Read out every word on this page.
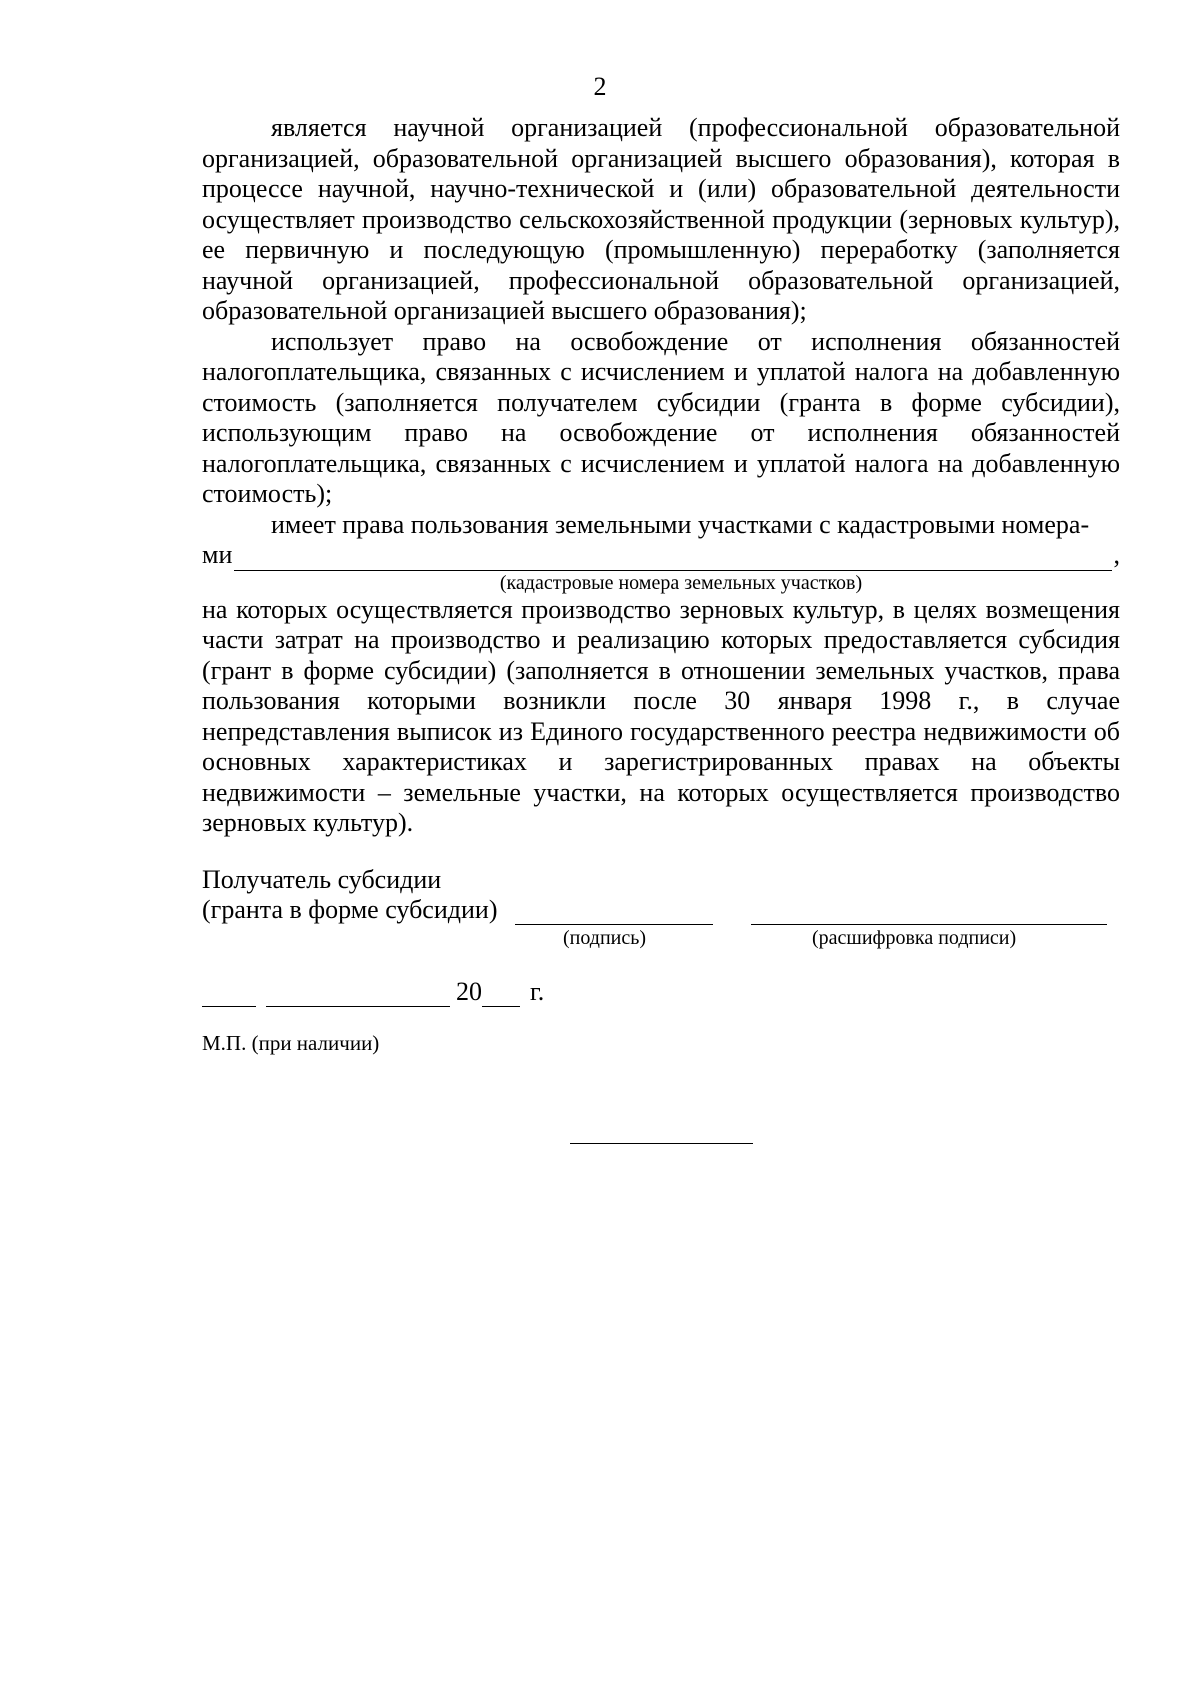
2

является научной организацией (профессиональной образовательной организацией, образовательной организацией высшего образования), которая в процессе научной, научно-технической и (или) образовательной деятельности осуществляет производство сельскохозяйственной продукции (зерновых культур), ее первичную и последующую (промышленную) переработку (заполняется научной организацией, профессиональной образовательной организацией, образовательной организацией высшего образования);

использует право на освобождение от исполнения обязанностей налогоплательщика, связанных с исчислением и уплатой налога на добавленную стоимость (заполняется получателем субсидии (гранта в форме субсидии), использующим право на освобождение от исполнения обязанностей налогоплательщика, связанных с исчислением и уплатой налога на добавленную стоимость);

имеет права пользования земельными участками с кадастровыми номера-

ми	,
(кадастровые номера земельных участков)

на которых осуществляется производство зерновых культур, в целях возмещения части затрат на производство и реализацию которых предоставляется субсидия (грант в форме субсидии) (заполняется в отношении земельных участков, права пользования которыми возникли после 30 января 1998 г., в случае непредставления выписок из Единого государственного реестра недвижимости об основных характеристиках и зарегистрированных правах на объекты недвижимости – земельные участки, на которых осуществляется производство зерновых культур).

Получатель субсидии
(гранта в форме субсидии)
(подпись)	(расшифровка подписи)
20 г.
М.П. (при наличии)
